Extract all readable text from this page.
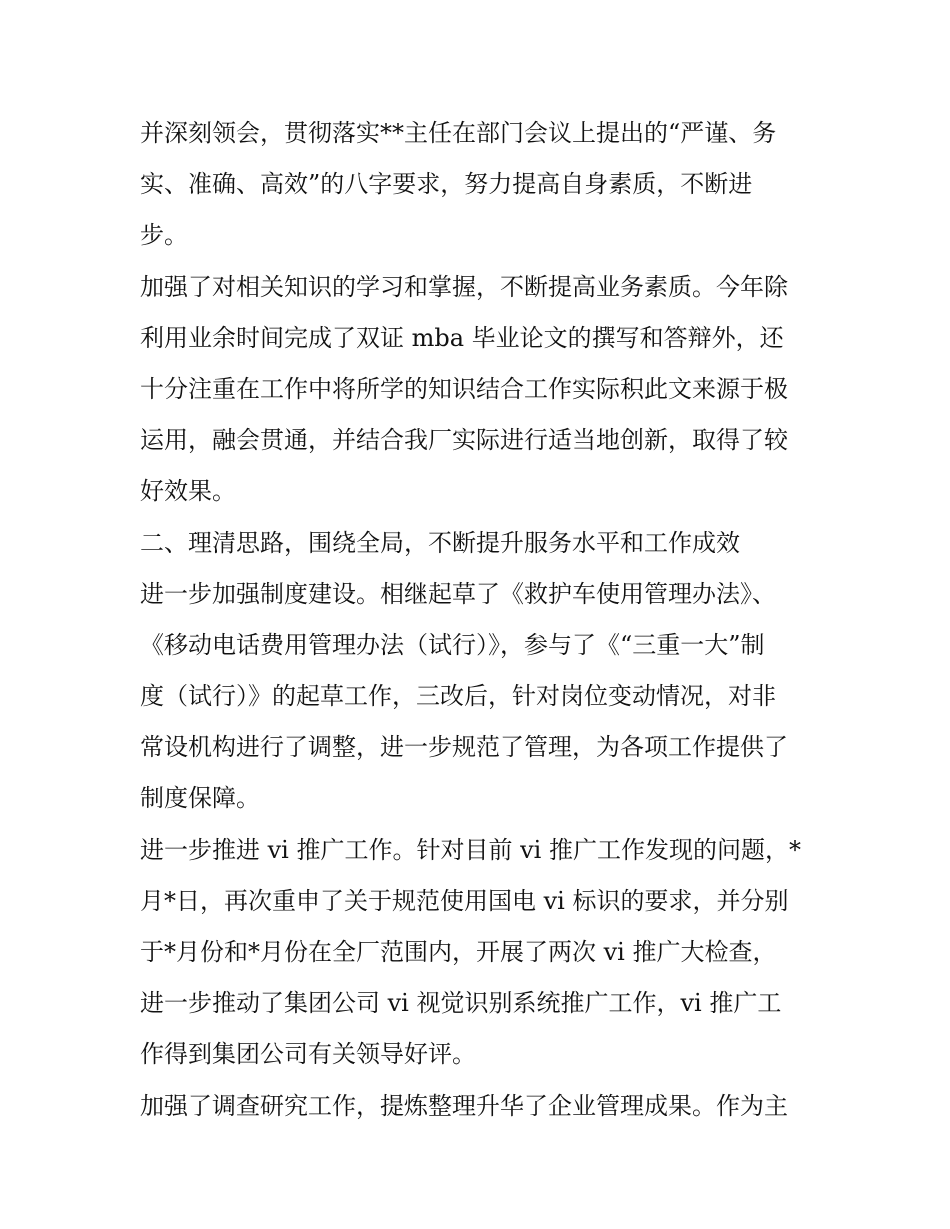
并深刻领会，贯彻落实**主任在部门会议上提出的“严谨、务
实、准确、高效”的八字要求，努力提高自身素质，不断进
步。
加强了对相关知识的学习和掌握，不断提高业务素质。今年除
利用业余时间完成了双证 mba 毕业论文的撰写和答辩外，还
十分注重在工作中将所学的知识结合工作实际积此文来源于极
运用，融会贯通，并结合我厂实际进行适当地创新，取得了较
好效果。
二、理清思路，围绕全局，不断提升服务水平和工作成效
进一步加强制度建设。相继起草了《救护车使用管理办法》、
《移动电话费用管理办法（试行）》，参与了《“三重一大”制
度（试行）》的起草工作，三改后，针对岗位变动情况，对非
常设机构进行了调整，进一步规范了管理，为各项工作提供了
制度保障。
进一步推进 vi 推广工作。针对目前 vi 推广工作发现的问题，*
月*日，再次重申了关于规范使用国电 vi 标识的要求，并分别
于*月份和*月份在全厂范围内，开展了两次 vi 推广大检查，
进一步推动了集团公司 vi 视觉识别系统推广工作，vi 推广工
作得到集团公司有关领导好评。
加强了调查研究工作，提炼整理升华了企业管理成果。作为主
